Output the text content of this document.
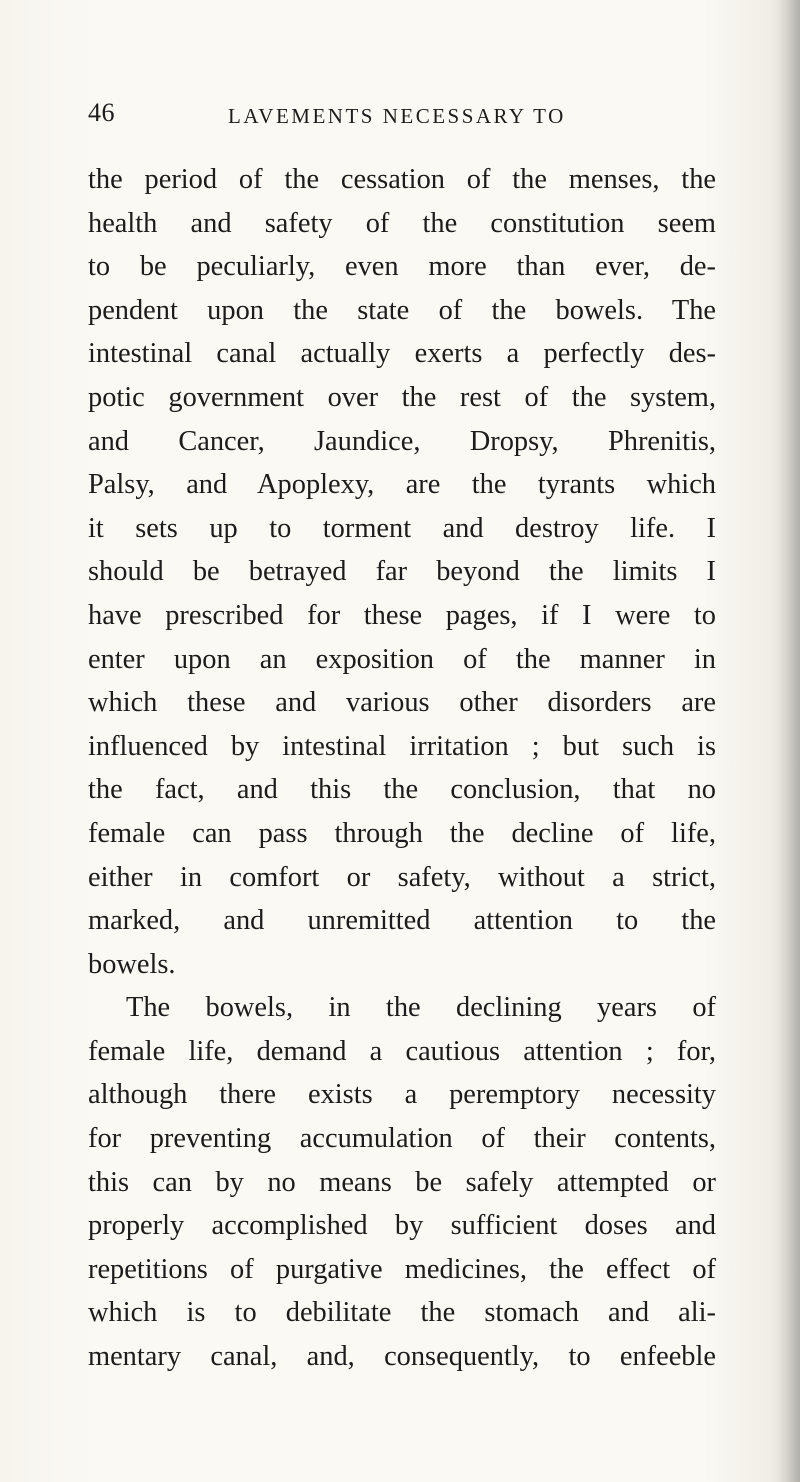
46	LAVEMENTS NECESSARY TO
the period of the cessation of the menses, the
health and safety of the constitution seem
to be peculiarly, even more than ever, de-
pendent upon the state of the bowels. The
intestinal canal actually exerts a perfectly des-
potic government over the rest of the system,
and Cancer, Jaundice, Dropsy, Phrenitis,
Palsy, and Apoplexy, are the tyrants which
it sets up to torment and destroy life. I
should be betrayed far beyond the limits I
have prescribed for these pages, if I were to
enter upon an exposition of the manner in
which these and various other disorders are
influenced by intestinal irritation ; but such is
the fact, and this the conclusion, that no
female can pass through the decline of life,
either in comfort or safety, without a strict,
marked, and unremitted attention to the
bowels.
The bowels, in the declining years of
female life, demand a cautious attention ; for,
although there exists a peremptory necessity
for preventing accumulation of their contents,
this can by no means be safely attempted or
properly accomplished by sufficient doses and
repetitions of purgative medicines, the effect of
which is to debilitate the stomach and ali-
mentary canal, and, consequently, to enfeeble
